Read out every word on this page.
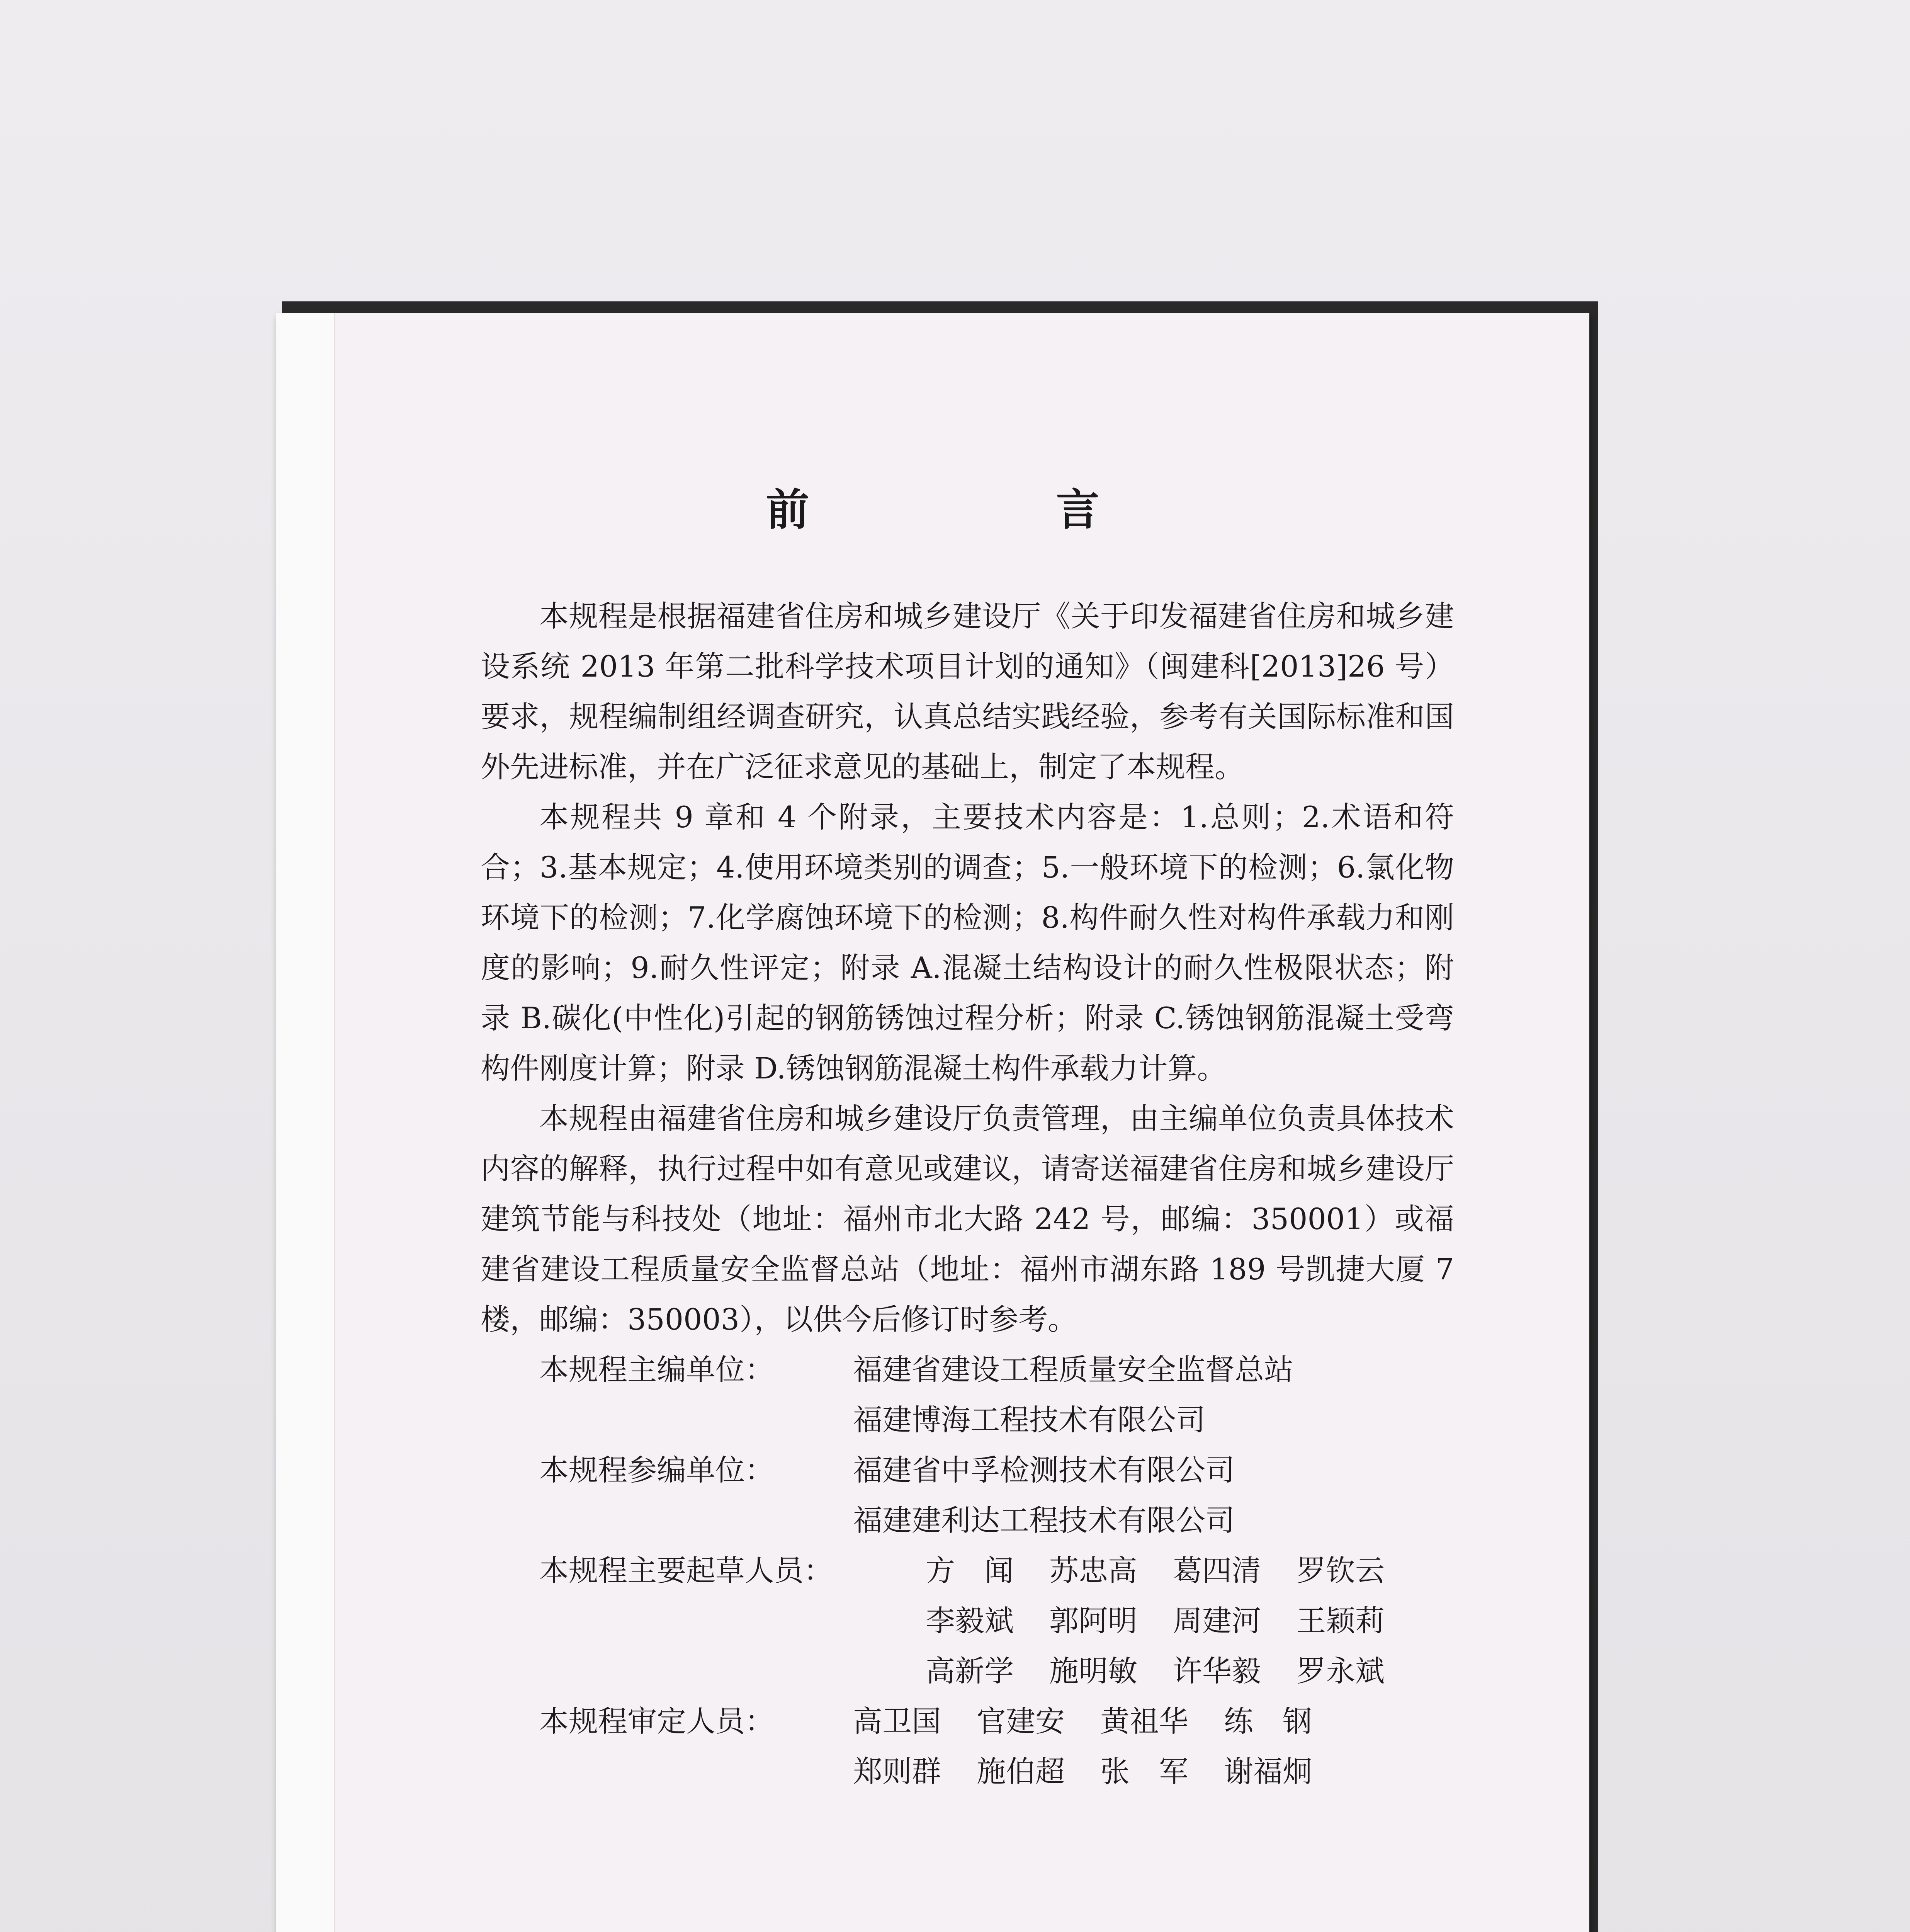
前 言

本规程是根据福建省住房和城乡建设厅《关于印发福建省住房和城乡建设系统 2013 年第二批科学技术项目计划的通知》（闽建科[2013]26 号）要求，规程编制组经调查研究，认真总结实践经验，参考有关国际标准和国外先进标准，并在广泛征求意见的基础上，制定了本规程。

本规程共 9 章和 4 个附录，主要技术内容是：1.总则；2.术语和符合；3.基本规定；4.使用环境类别的调查；5.一般环境下的检测；6.氯化物环境下的检测；7.化学腐蚀环境下的检测；8.构件耐久性对构件承载力和刚度的影响；9.耐久性评定；附录 A.混凝土结构设计的耐久性极限状态；附录 B.碳化(中性化)引起的钢筋锈蚀过程分析；附录 C.锈蚀钢筋混凝土受弯构件刚度计算；附录 D.锈蚀钢筋混凝土构件承载力计算。

本规程由福建省住房和城乡建设厅负责管理，由主编单位负责具体技术内容的解释，执行过程中如有意见或建议，请寄送福建省住房和城乡建设厅建筑节能与科技处（地址：福州市北大路 242 号，邮编：350001）或福建省建设工程质量安全监督总站（地址：福州市湖东路 189 号凯捷大厦 7 楼，邮编：350003），以供今后修订时参考。

本规程主编单位：	福建省建设工程质量安全监督总站
福建博海工程技术有限公司
本规程参编单位：	福建省中孚检测技术有限公司
福建建利达工程技术有限公司
本规程主要起草人员：	方　闻	苏忠高	葛四清	罗钦云
李毅斌	郭阿明	周建河	王颖莉
高新学	施明敏	许华毅	罗永斌
本规程审定人员：	高卫国	官建安	黄祖华	练　钢
郑则群	施伯超	张　军	谢福炯
